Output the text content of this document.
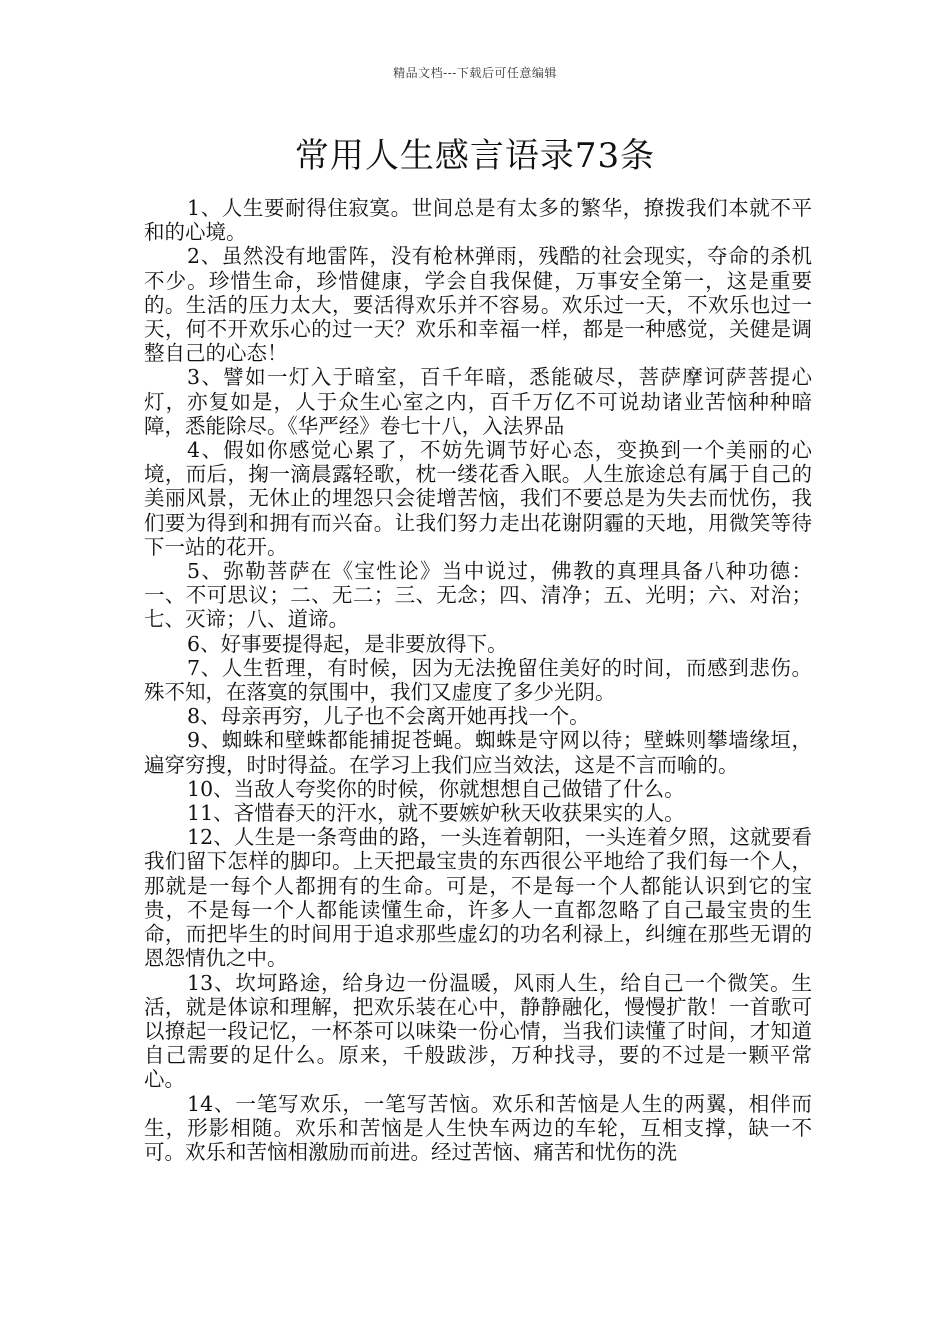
精品文档---下载后可任意编辑
常用人生感言语录73条

1、人生要耐得住寂寞。世间总是有太多的繁华，撩拨我们本就不平和的心境。

2、虽然没有地雷阵，没有枪林弹雨，残酷的社会现实，夺命的杀机不少。珍惜生命，珍惜健康，学会自我保健，万事安全第一，这是重要的。生活的压力太大，要活得欢乐并不容易。欢乐过一天，不欢乐也过一天，何不开欢乐心的过一天？欢乐和幸福一样，都是一种感觉，关健是调整自己的心态！

3、譬如一灯入于暗室，百千年暗，悉能破尽，菩萨摩诃萨菩提心灯，亦复如是，人于众生心室之内，百千万亿不可说劫诸业苦恼种种暗障，悉能除尽。《华严经》卷七十八，入法界品

4、假如你感觉心累了，不妨先调节好心态，变换到一个美丽的心境，而后，掬一滴晨露轻歌，枕一缕花香入眠。人生旅途总有属于自己的美丽风景，无休止的埋怨只会徒增苦恼，我们不要总是为失去而忧伤，我们要为得到和拥有而兴奋。让我们努力走出花谢阴霾的天地，用微笑等待下一站的花开。

5、弥勒菩萨在《宝性论》当中说过，佛教的真理具备八种功德：一、不可思议；二、无二；三、无念；四、清净；五、光明；六、对治；七、灭谛；八、道谛。

6、好事要提得起，是非要放得下。

7、人生哲理，有时候，因为无法挽留住美好的时间，而感到悲伤。殊不知，在落寞的氛围中，我们又虚度了多少光阴。

8、母亲再穷，儿子也不会离开她再找一个。

9、蜘蛛和壁蛛都能捕捉苍蝇。蜘蛛是守网以待；壁蛛则攀墙缘垣，遍穿穷搜，时时得益。在学习上我们应当效法，这是不言而喻的。

10、当敌人夸奖你的时候，你就想想自己做错了什么。

11、吝惜春天的汗水，就不要嫉妒秋天收获果实的人。

12、人生是一条弯曲的路，一头连着朝阳，一头连着夕照，这就要看我们留下怎样的脚印。上天把最宝贵的东西很公平地给了我们每一个人，那就是一每个人都拥有的生命。可是，不是每一个人都能认识到它的宝贵，不是每一个人都能读懂生命，许多人一直都忽略了自己最宝贵的生命，而把毕生的时间用于追求那些虚幻的功名利禄上，纠缠在那些无谓的恩怨情仇之中。

13、坎坷路途，给身边一份温暖，风雨人生，给自己一个微笑。生活，就是体谅和理解，把欢乐装在心中，静静融化，慢慢扩散！一首歌可以撩起一段记忆，一杯茶可以味染一份心情，当我们读懂了时间，才知道自己需要的足什么。原来，千般跋涉，万种找寻，要的不过是一颗平常心。

14、一笔写欢乐，一笔写苦恼。欢乐和苦恼是人生的两翼，相伴而生，形影相随。欢乐和苦恼是人生快车两边的车轮，互相支撑，缺一不可。欢乐和苦恼相激励而前进。经过苦恼、痛苦和忧伤的洗
